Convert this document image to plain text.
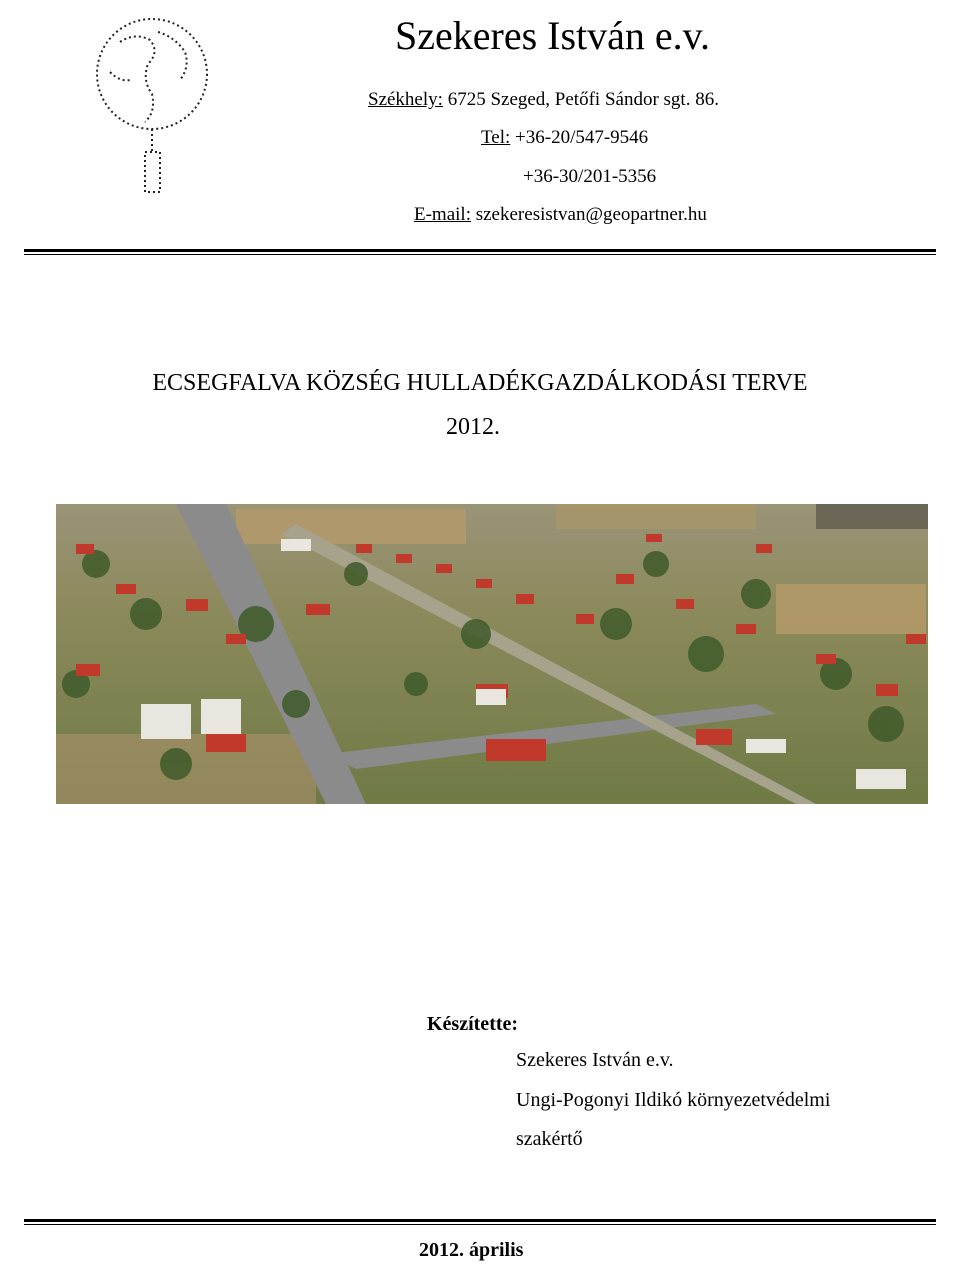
Szekeres István e.v.
Székhely: 6725 Szeged, Petőfi Sándor sgt. 86.
Tel: +36-20/547-9546
+36-30/201-5356
E-mail: szekeresistvan@geopartner.hu
ECSEGFALVA KÖZSÉG HULLADÉKGAZDÁLKODÁSI TERVE
2012.
Készítette:
Szekeres István e.v.
Ungi-Pogonyi Ildikó környezetvédelmi
szakértő
2012. április
